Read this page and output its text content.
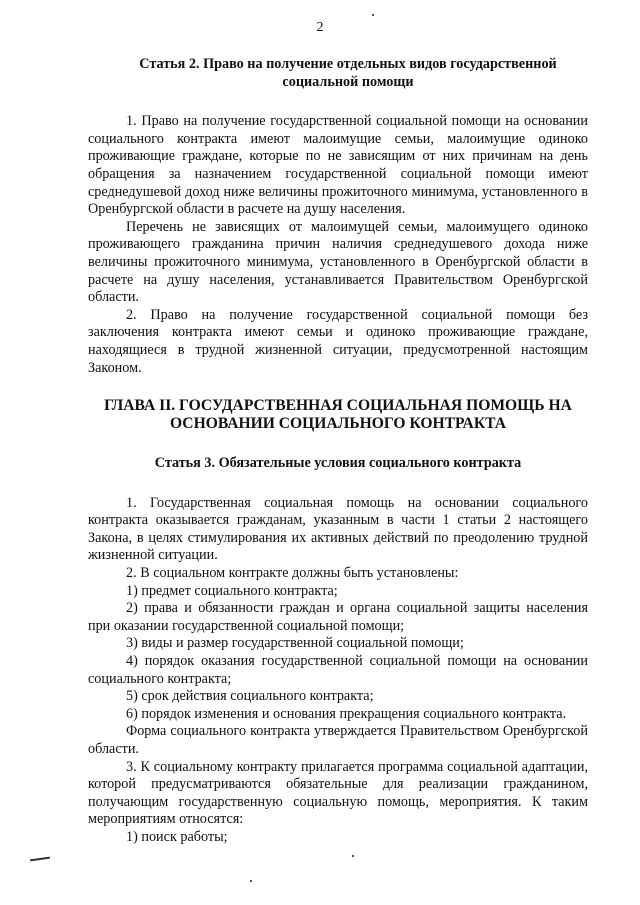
2
Статья 2. Право на получение отдельных видов государственной социальной помощи

1. Право на получение государственной социальной помощи на основании социального контракта имеют малоимущие семьи, малоимущие одиноко проживающие граждане, которые по не зависящим от них причинам на день обращения за назначением государственной социальной помощи имеют среднедушевой доход ниже величины прожиточного минимума, установленного в Оренбургской области в расчете на душу населения.

Перечень не зависящих от малоимущей семьи, малоимущего одиноко проживающего гражданина причин наличия среднедушевого дохода ниже величины прожиточного минимума, установленного в Оренбургской области в расчете на душу населения, устанавливается Правительством Оренбургской области.

2. Право на получение государственной социальной помощи без заключения контракта имеют семьи и одиноко проживающие граждане, находящиеся в трудной жизненной ситуации, предусмотренной настоящим Законом.

ГЛАВА II. ГОСУДАРСТВЕННАЯ СОЦИАЛЬНАЯ ПОМОЩЬ НА ОСНОВАНИИ СОЦИАЛЬНОГО КОНТРАКТА
Статья 3. Обязательные условия социального контракта

1. Государственная социальная помощь на основании социального контракта оказывается гражданам, указанным в части 1 статьи 2 настоящего Закона, в целях стимулирования их активных действий по преодолению трудной жизненной ситуации.

2. В социальном контракте должны быть установлены:

1) предмет социального контракта;

2) права и обязанности граждан и органа социальной защиты населения при оказании государственной социальной помощи;

3) виды и размер государственной социальной помощи;

4) порядок оказания государственной социальной помощи на основании социального контракта;

5) срок действия социального контракта;

6) порядок изменения и основания прекращения социального контракта.

Форма социального контракта утверждается Правительством Оренбургской области.

3. К социальному контракту прилагается программа социальной адаптации, которой предусматриваются обязательные для реализации гражданином, получающим государственную социальную помощь, мероприятия. К таким мероприятиям относятся:

1) поиск работы;
